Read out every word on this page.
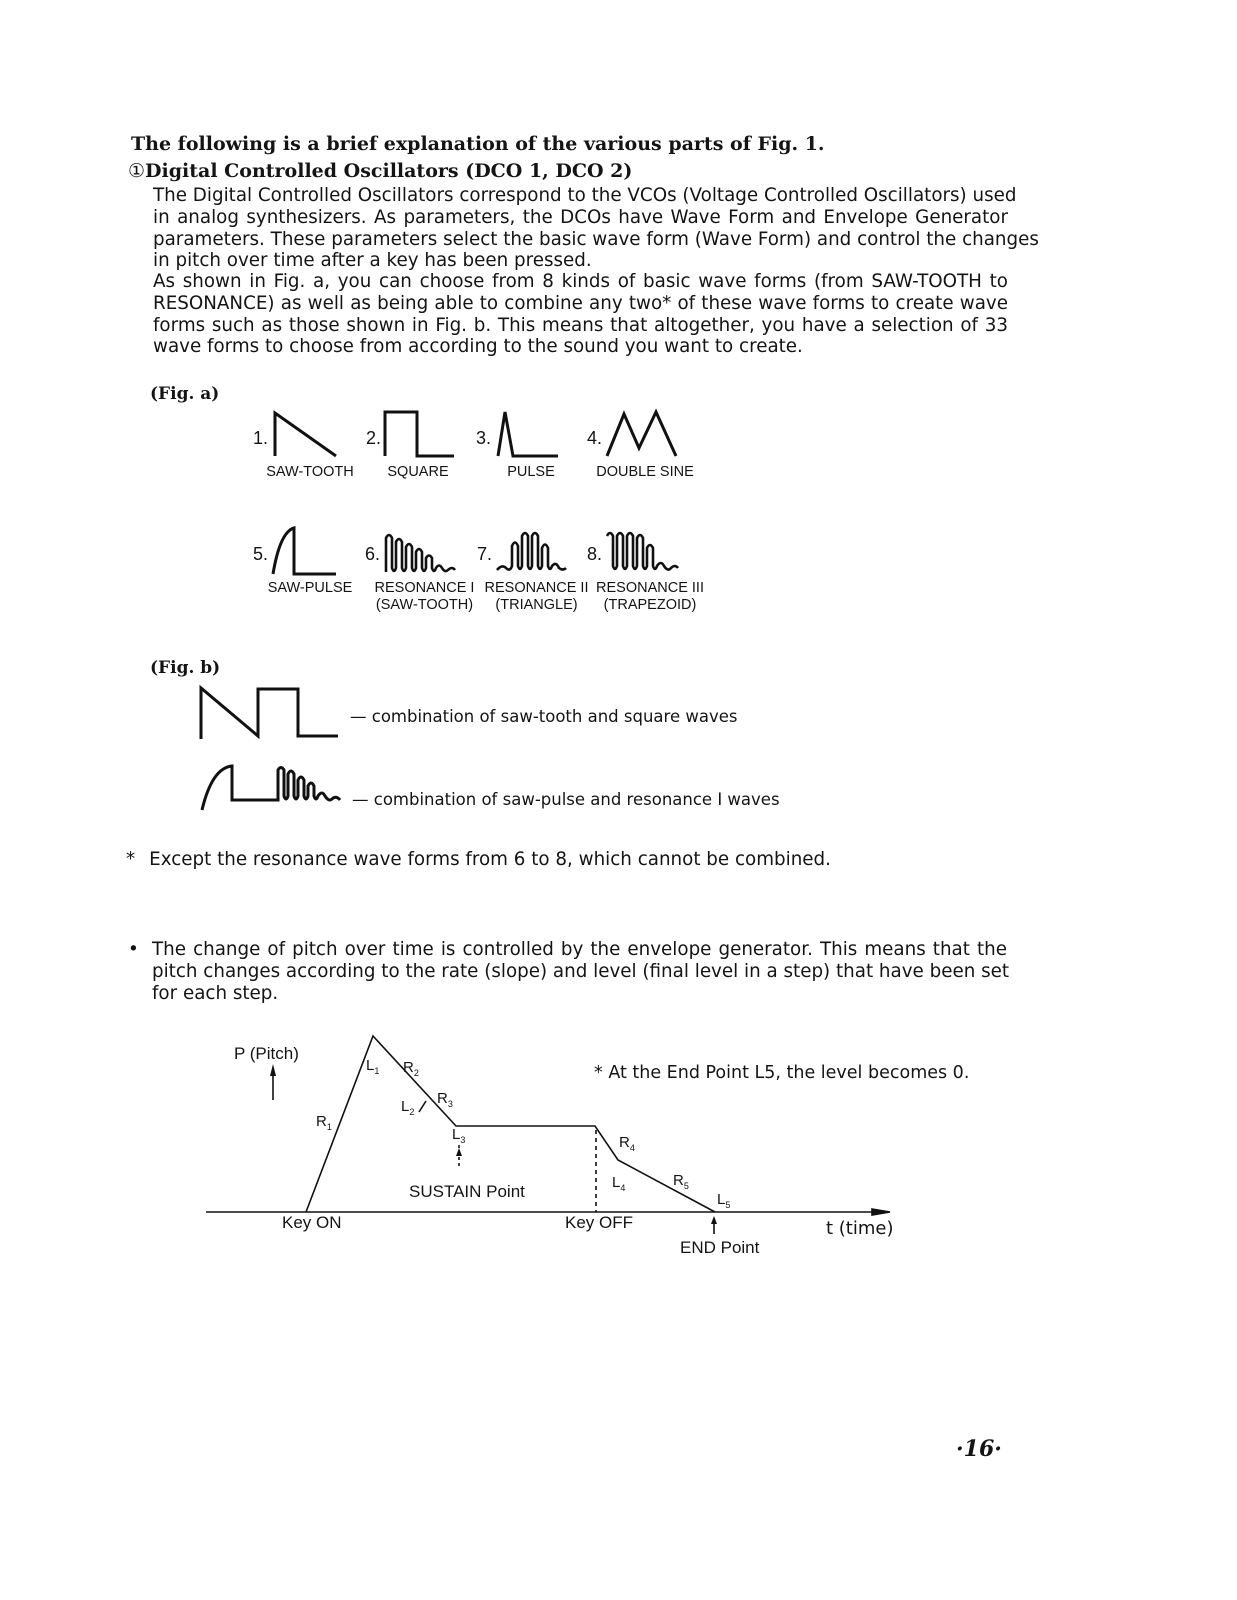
The following is a brief explanation of the various parts of Fig. 1.
①Digital Controlled Oscillators (DCO 1, DCO 2)
The Digital Controlled Oscillators correspond to the VCOs (Voltage Controlled Oscillators) used
in analog synthesizers. As parameters, the DCOs have Wave Form and Envelope Generator
parameters. These parameters select the basic wave form (Wave Form) and control the changes
in pitch over time after a key has been pressed.
As shown in Fig. a, you can choose from 8 kinds of basic wave forms (from SAW-TOOTH to
RESONANCE) as well as being able to combine any two* of these wave forms to create wave
forms such as those shown in Fig. b. This means that altogether, you have a selection of 33
wave forms to choose from according to the sound you want to create.
(Fig. a)
1.
SAW-TOOTH
2.
SQUARE
3.
PULSE
4.
DOUBLE SINE
5.
SAW-PULSE
6.
RESONANCE I
(SAW-TOOTH)
7.
RESONANCE II
(TRIANGLE)
8.
RESONANCE III
(TRAPEZOID)
(Fig. b)
— combination of saw-tooth and square waves
— combination of saw-pulse and resonance I waves
* Except the resonance wave forms from 6 to 8, which cannot be combined.
• The change of pitch over time is controlled by the envelope generator. This means that the
pitch changes according to the rate (slope) and level (final level in a step) that have been set
for each step.
P (Pitch)
* At the End Point L5, the level becomes 0.
SUSTAIN Point
Key ON	Key OFF
END Point
t (time)
$R_1$
$L_1$ $R_2$
$L_2$
$R_3$
$L_3$	$R_4$
$L_4$	$R_5$
$L_5$
·16·
